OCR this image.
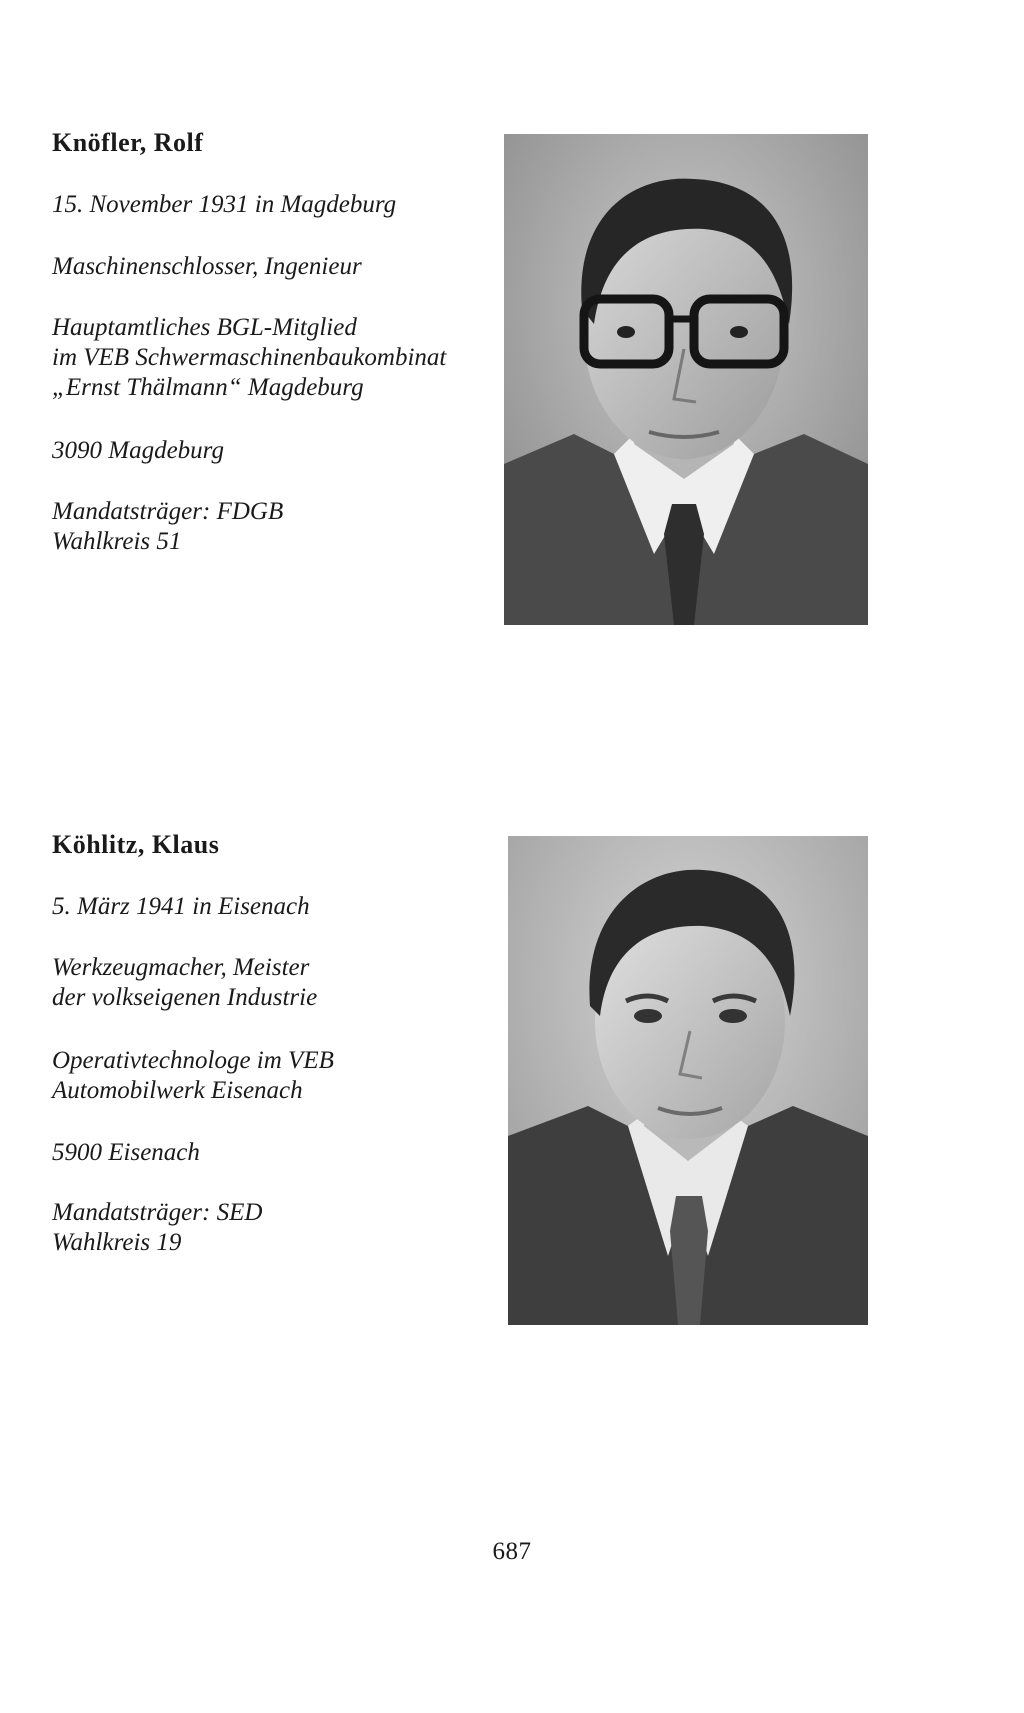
Knöfler, Rolf
15. November 1931 in Magdeburg
Maschinenschlosser, Ingenieur
Hauptamtliches BGL-Mitglied
im VEB Schwermaschinenbaukombinat
„Ernst Thälmann“ Magdeburg
3090 Magdeburg
Mandatsträger: FDGB
Wahlkreis 51
Köhlitz, Klaus
5. März 1941 in Eisenach
Werkzeugmacher, Meister
der volkseigenen Industrie
Operativtechnologe im VEB
Automobilwerk Eisenach
5900 Eisenach
Mandatsträger: SED
Wahlkreis 19
687
